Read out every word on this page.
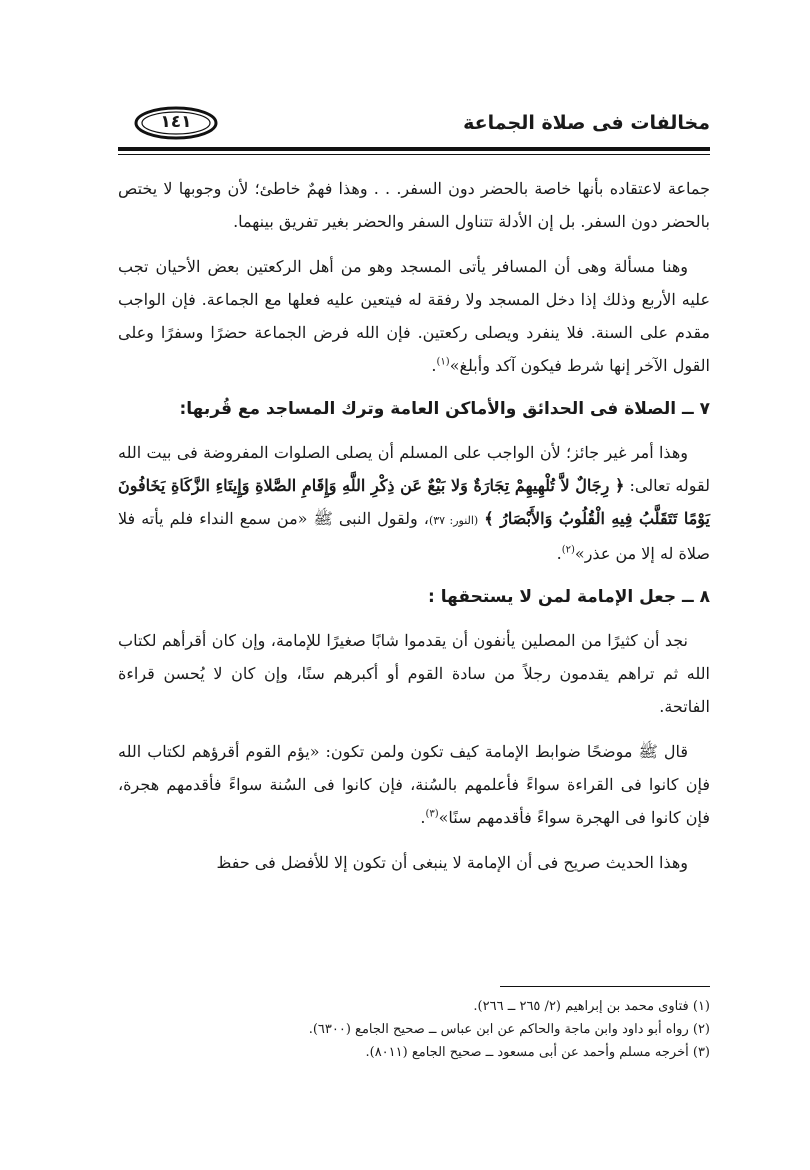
مخالفات فى صلاة الجماعة
١٤١

جماعة لاعتقاده بأنها خاصة بالحضر دون السفر. . . وهذا فهمٌ خاطئ؛ لأن وجوبها لا يختص بالحضر دون السفر. بل إن الأدلة تتناول السفر والحضر بغير تفريق بينهما.

وهنا مسألة وهى أن المسافر يأتى المسجد وهو من أهل الركعتين بعض الأحيان تجب عليه الأربع وذلك إذا دخل المسجد ولا رفقة له فيتعين عليه فعلها مع الجماعة. فإن الواجب مقدم على السنة. فلا ينفرد ويصلى ركعتين. فإن الله فرض الجماعة حضرًا وسفرًا وعلى القول الآخر إنها شرط فيكون آكد وأبلغ»$^{(١)}$.

٧ ــ الصلاة فى الحدائق والأماكن العامة وترك المساجد مع قُربها:

وهذا أمر غير جائز؛ لأن الواجب على المسلم أن يصلى الصلوات المفروضة فى بيت الله لقوله تعالى: ﴿ رِجَالٌ لاَّ تُلْهِيهِمْ تِجَارَةٌ وَلا بَيْعٌ عَن ذِكْرِ اللَّهِ وَإِقَامِ الصَّلاةِ وَإِيتَاءِ الزَّكَاةِ يَخَافُونَ يَوْمًا تَتَقَلَّبُ فِيهِ الْقُلُوبُ وَالأَبْصَارُ ﴾ (النور: ٣٧)، ولقول النبى ﷺ «من سمع النداء فلم يأته فلا صلاة له إلا من عذر»$^{(٢)}$.

٨ ــ جعل الإمامة لمن لا يستحقها :

نجد أن كثيرًا من المصلين يأنفون أن يقدموا شابًا صغيرًا للإمامة، وإن كان أقرأهم لكتاب الله ثم تراهم يقدمون رجلاً من سادة القوم أو أكبرهم سنًا، وإن كان لا يُحسن قراءة الفاتحة.

قال ﷺ موضحًا ضوابط الإمامة كيف تكون ولمن تكون: «يؤم القوم أقرؤهم لكتاب الله فإن كانوا فى القراءة سواءً فأعلمهم بالسُنة، فإن كانوا فى السُنة سواءً فأقدمهم هجرة، فإن كانوا فى الهجرة سواءً فأقدمهم سنًا»$^{(٣)}$.

وهذا الحديث صريح فى أن الإمامة لا ينبغى أن تكون إلا للأفضل فى حفظ

(١) فتاوى محمد بن إبراهيم (٢/ ٢٦٥ ــ ٢٦٦).
(٢) رواه أبو داود وابن ماجة والحاكم عن ابن عباس ــ صحيح الجامع (٦٣٠٠).
(٣) أخرجه مسلم وأحمد عن أبى مسعود ــ صحيح الجامع (٨٠١١).
